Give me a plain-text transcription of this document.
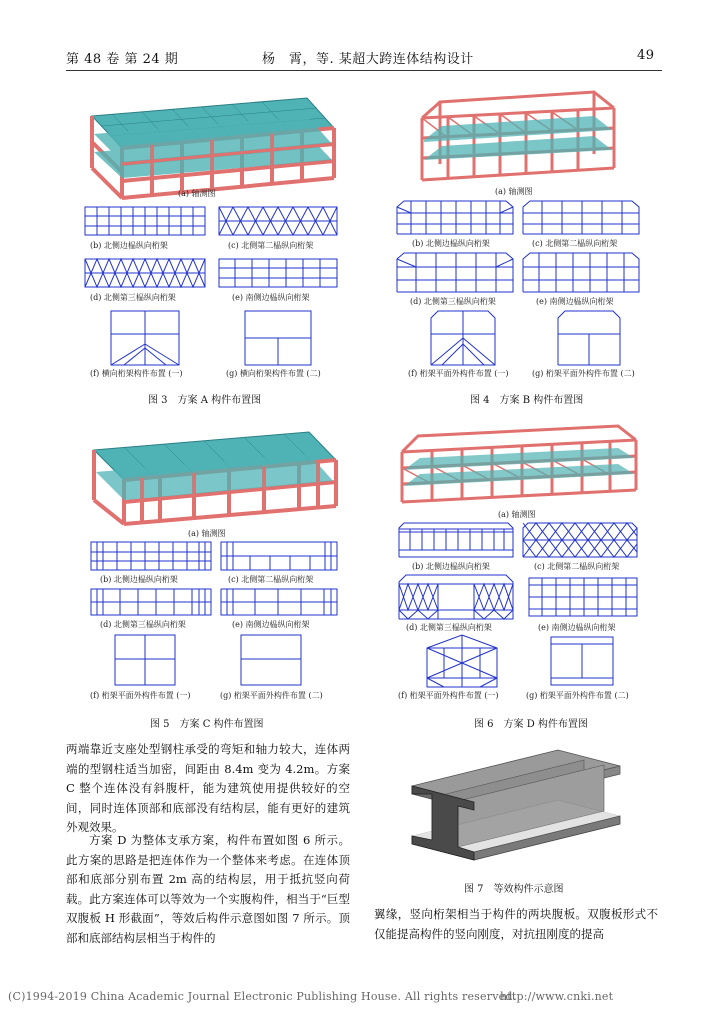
第 48 卷 第 24 期	杨　霄，等. 某超大跨连体结构设计	49
(a) 轴测图
(b) 北侧边榀纵向桁架	(c) 北侧第二榀纵向桁架
(d) 北侧第三榀纵向桁架	(e) 南侧边榀纵向桁架
(f) 横向桁架构件布置 (一)	(g) 横向桁架构件布置 (二)
图 3　方案 A 构件布置图
(a) 轴测图
(b) 北侧边榀纵向桁架	(c) 北侧第二榀纵向桁架
(d) 北侧第三榀纵向桁架	(e) 南侧边榀纵向桁架
(f) 桁架平面外构件布置 (一)	(g) 桁架平面外构件布置 (二)
图 4　方案 B 构件布置图
(a) 轴测图
(b) 北侧边榀纵向桁架	(c) 北侧第二榀纵向桁架
(d) 北侧第三榀纵向桁架	(e) 南侧边榀纵向桁架
(f) 桁架平面外构件布置 (一)	(g) 桁架平面外构件布置 (二)
图 5　方案 C 构件布置图
(a) 轴测图
(b) 北侧边榀纵向桁架	(c) 北侧第二榀纵向桁架
(d) 北侧第三榀纵向桁架	(e) 南侧边榀纵向桁架
(f) 桁架平面外构件布置 (一)	(g) 桁架平面外构件布置 (二)
图 6　方案 D 构件布置图
图 7　等效构件示意图
两端靠近支座处型钢柱承受的弯矩和轴力较大，连体两端的型钢柱适当加密，间距由 8.4m 变为 4.2m。方案 C 整个连体没有斜腹杆，能为建筑使用提供较好的空间，同时连体顶部和底部没有结构层，能有更好的建筑外观效果。
方案 D 为整体支承方案，构件布置如图 6 所示。此方案的思路是把连体作为一个整体来考虑。在连体顶部和底部分别布置 2m 高的结构层，用于抵抗竖向荷载。此方案连体可以等效为一个实腹构件，相当于“巨型双腹板 H 形截面”，等效后构件示意图如图 7 所示。顶部和底部结构层相当于构件的
翼缘，竖向桁架相当于构件的两块腹板。双腹板形式不仅能提高构件的竖向刚度，对抗扭刚度的提高
(C)1994-2019 China Academic Journal Electronic Publishing House. All rights reserved.
http://www.cnki.net
